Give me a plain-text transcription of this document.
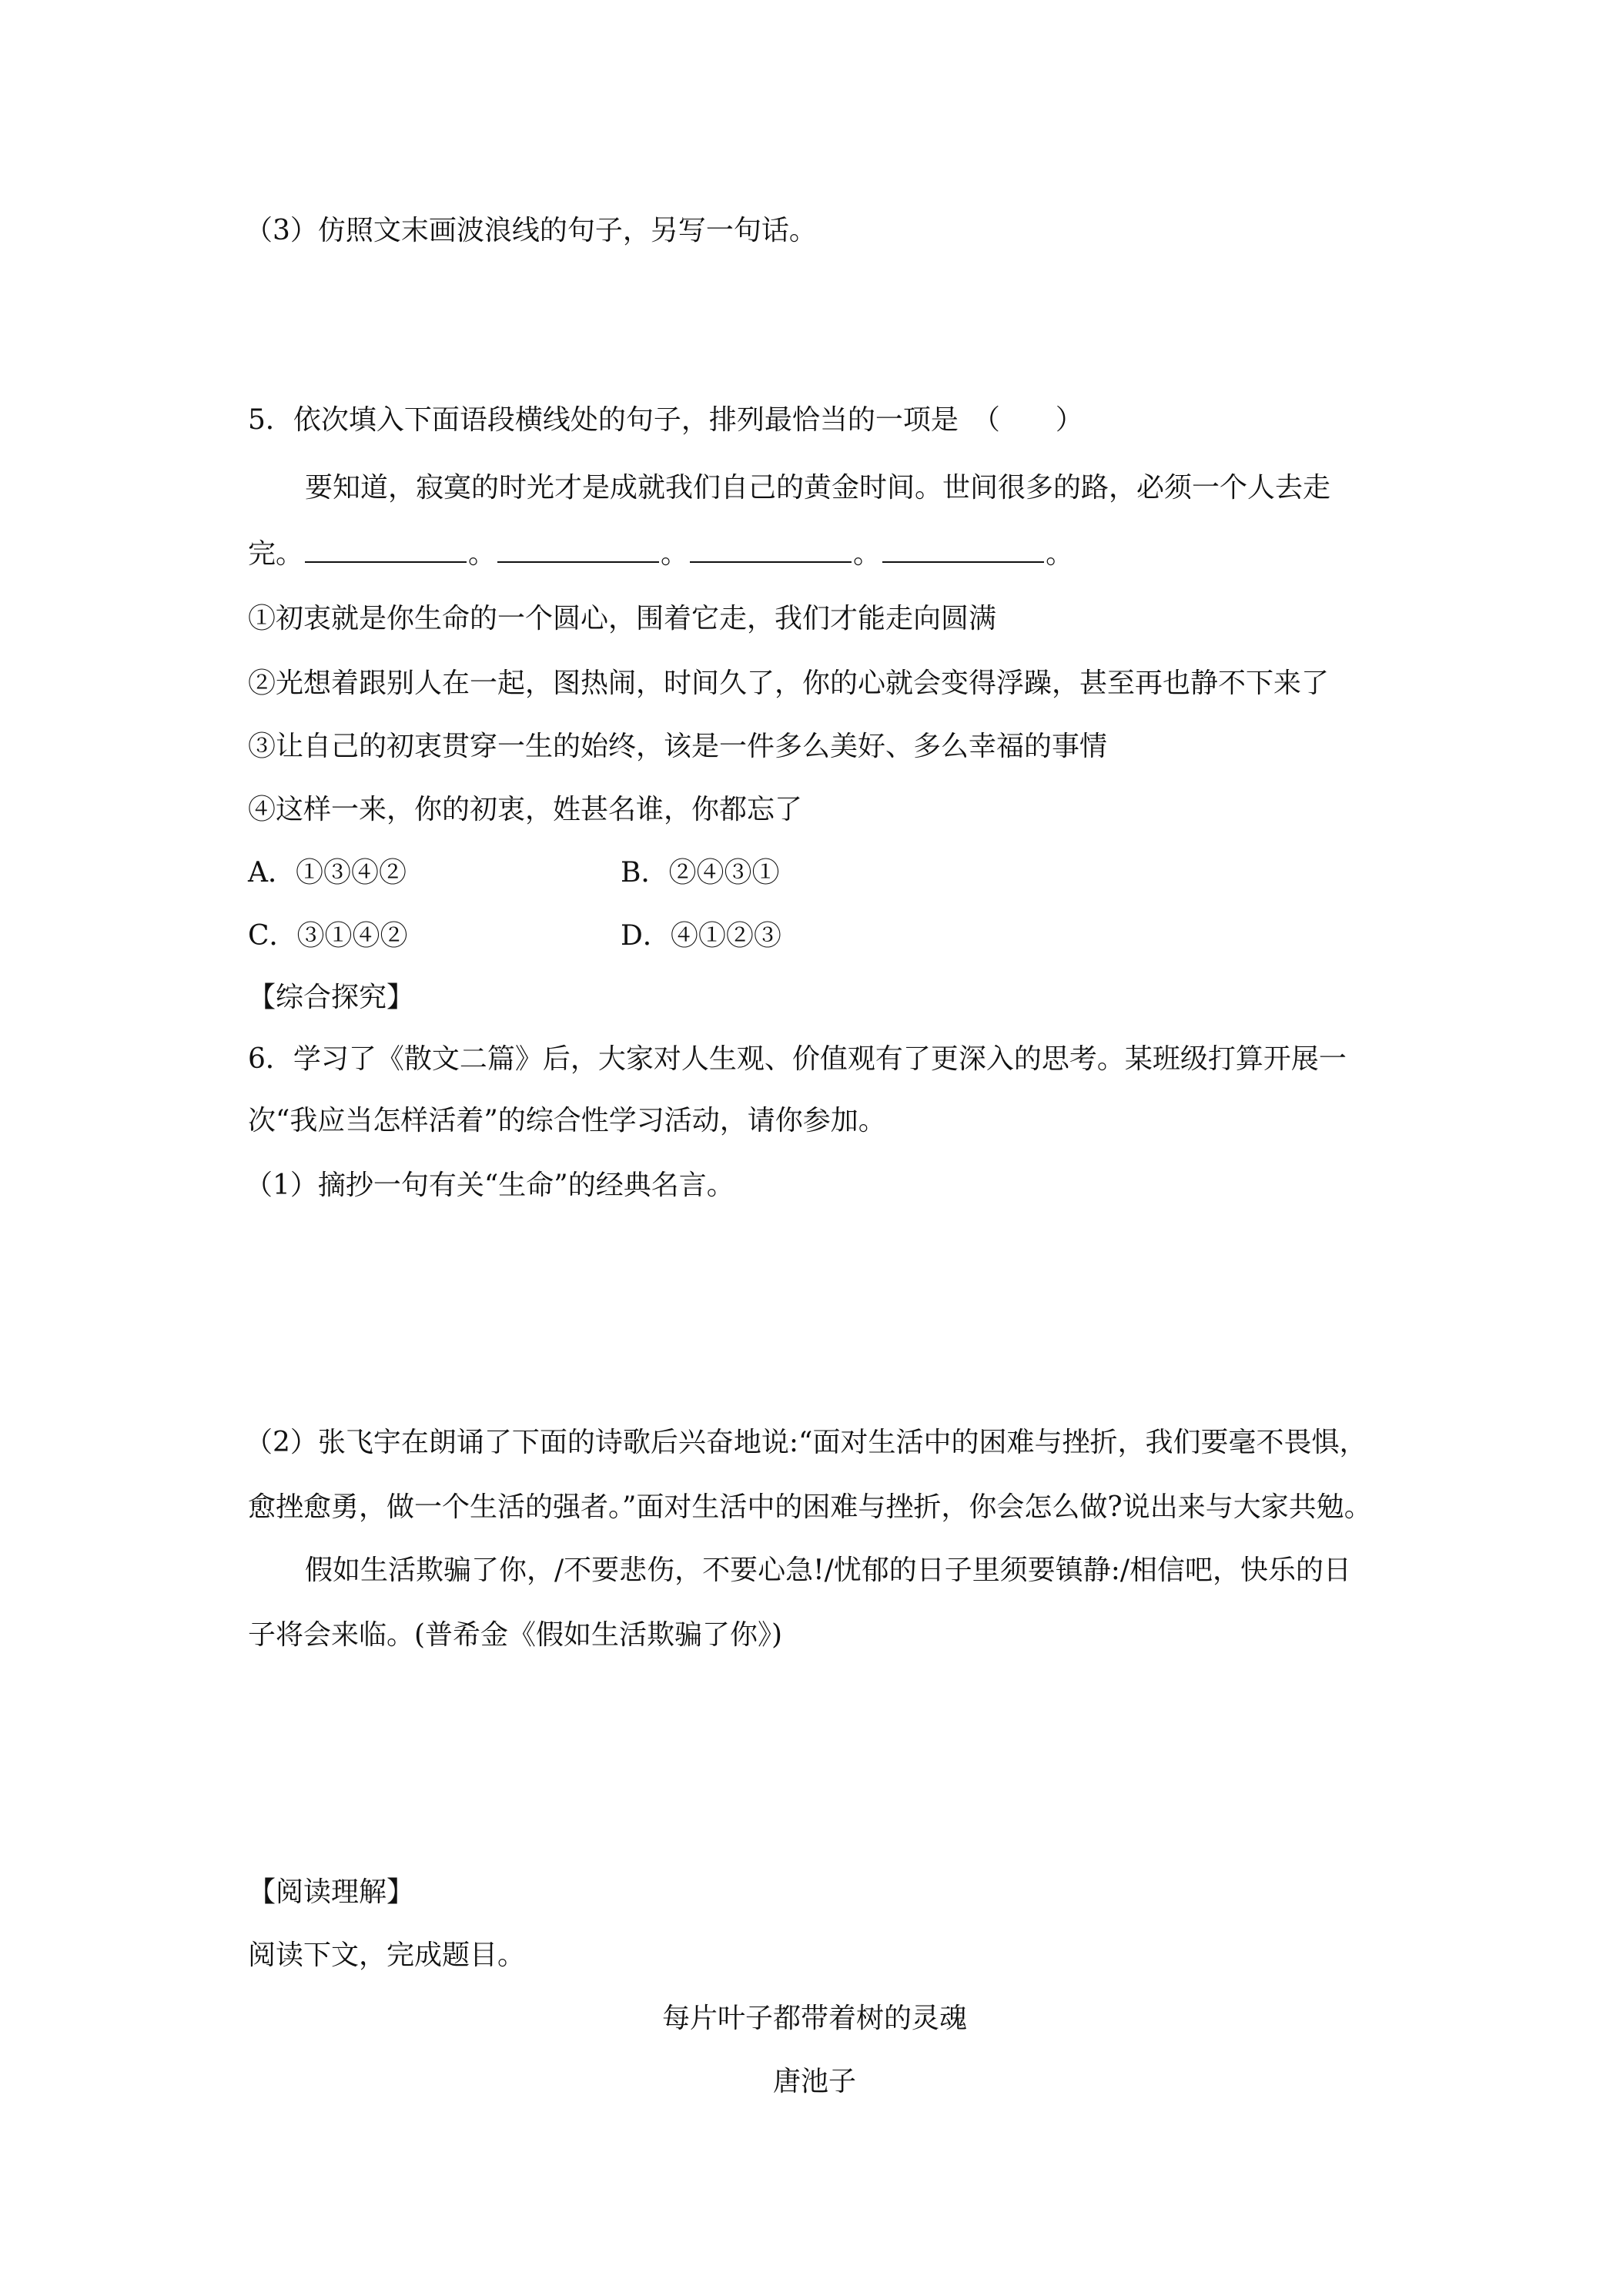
（3）仿照文末画波浪线的句子，另写一句话。
5．依次填入下面语段横线处的句子，排列最恰当的一项是　（　　）
要知道，寂寞的时光才是成就我们自己的黄金时间。世间很多的路，必须一个人去走
完。	。	。	。	。
①初衷就是你生命的一个圆心，围着它走，我们才能走向圆满
②光想着跟别人在一起，图热闹，时间久了，你的心就会变得浮躁，甚至再也静不下来了
③让自己的初衷贯穿一生的始终，该是一件多么美好、多么幸福的事情
④这样一来，你的初衷，姓甚名谁，你都忘了
A．①③④②	B．②④③①
C．③①④②	D．④①②③
【综合探究】
6．学习了《散文二篇》后，大家对人生观、价值观有了更深入的思考。某班级打算开展一
次“我应当怎样活着”的综合性学习活动，请你参加。
（1）摘抄一句有关“生命”的经典名言。
（2）张飞宇在朗诵了下面的诗歌后兴奋地说:“面对生活中的困难与挫折，我们要毫不畏惧，
愈挫愈勇，做一个生活的强者。”面对生活中的困难与挫折，你会怎么做?说出来与大家共勉。
假如生活欺骗了你，/不要悲伤，不要心急!/忧郁的日子里须要镇静:/相信吧，快乐的日
子将会来临。(普希金《假如生活欺骗了你》)
【阅读理解】
阅读下文，完成题目。
每片叶子都带着树的灵魂
唐池子
